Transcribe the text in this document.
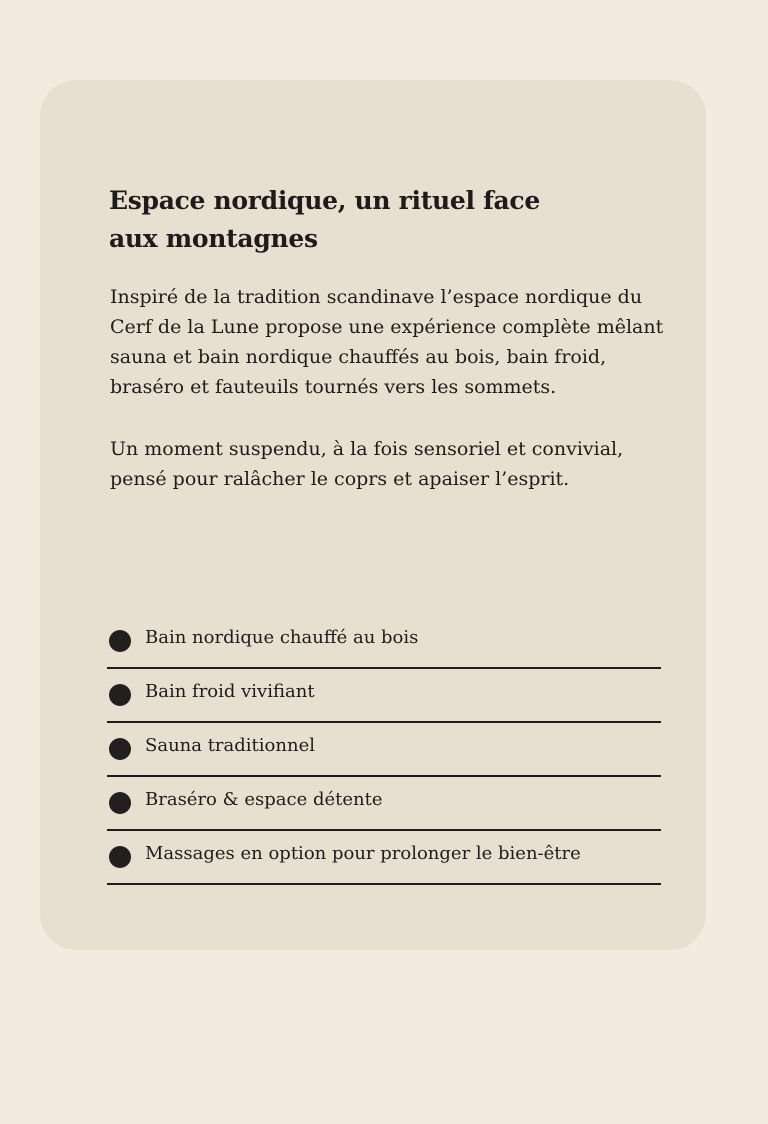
Espace nordique, un rituel face aux montagnes

Inspiré de la tradition scandinave l’espace nordique du Cerf de la Lune propose une expérience complète mêlant sauna et bain nordique chauffés au bois, bain froid, braséro et fauteuils tournés vers les sommets.

Un moment suspendu, à la fois sensoriel et convivial, pensé pour ralâcher le coprs et apaiser l’esprit.

Bain nordique chauffé au bois
Bain froid vivifiant
Sauna traditionnel
Braséro & espace détente
Massages en option pour prolonger le bien-être
